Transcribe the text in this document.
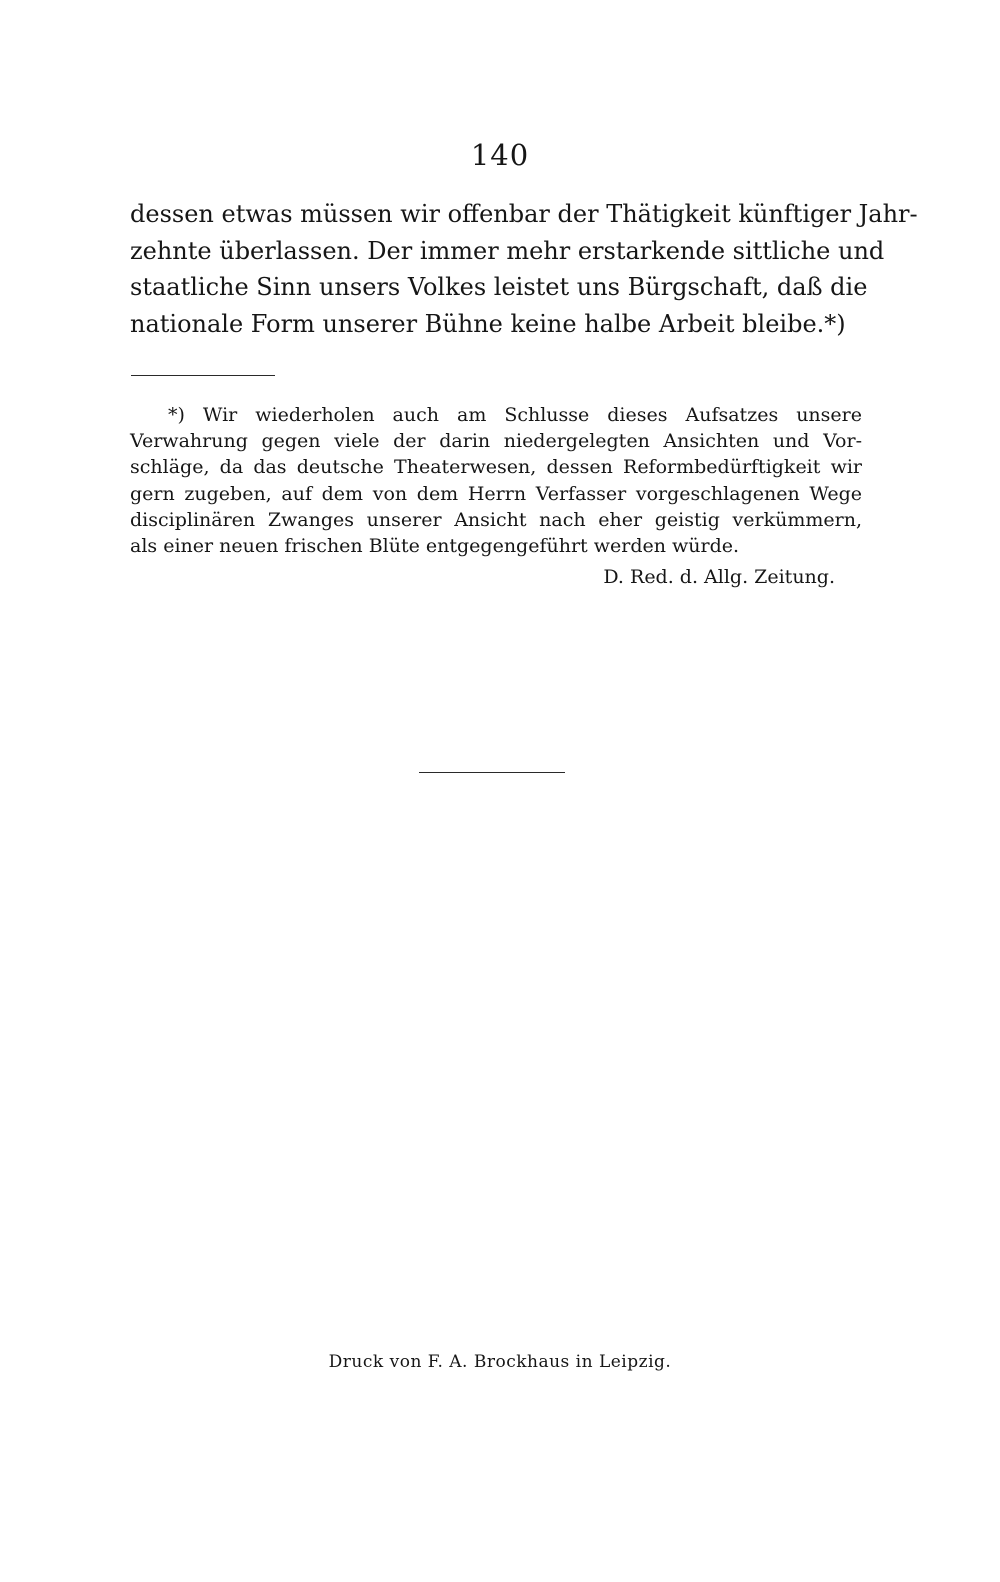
140
dessen etwas müssen wir offenbar der Thätigkeit künftiger Jahr-
zehnte überlassen. Der immer mehr erstarkende sittliche und
staatliche Sinn unsers Volkes leistet uns Bürgschaft, daß die
nationale Form unserer Bühne keine halbe Arbeit bleibe.*)
*) Wir wiederholen auch am Schlusse dieses Aufsatzes unsere
Verwahrung gegen viele der darin niedergelegten Ansichten und Vor-
schläge, da das deutsche Theaterwesen, dessen Reformbedürftigkeit wir
gern zugeben, auf dem von dem Herrn Verfasser vorgeschlagenen Wege
disciplinären Zwanges unserer Ansicht nach eher geistig verkümmern,
als einer neuen frischen Blüte entgegengeführt werden würde.
D. Red. d. Allg. Zeitung.
Druck von F. A. Brockhaus in Leipzig.
